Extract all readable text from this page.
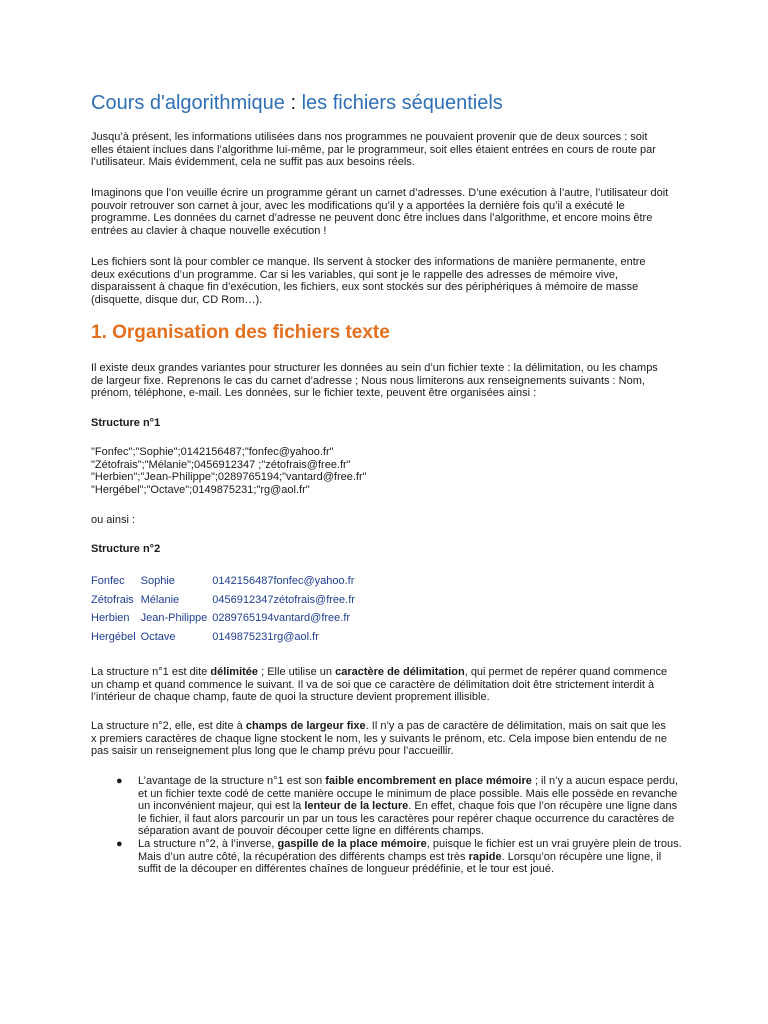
Cours d'algorithmique : les fichiers séquentiels

Jusqu’à présent, les informations utilisées dans nos programmes ne pouvaient provenir que de deux sources : soit elles étaient inclues dans l’algorithme lui-même, par le programmeur, soit elles étaient entrées en cours de route par l’utilisateur. Mais évidemment, cela ne suffit pas aux besoins réels.

Imaginons que l’on veuille écrire un programme gérant un carnet d’adresses. D’une exécution à l’autre, l’utilisateur doit pouvoir retrouver son carnet à jour, avec les modifications qu’il y a apportées la dernière fois qu’il a exécuté le programme. Les données du carnet d’adresse ne peuvent donc être inclues dans l’algorithme, et encore moins être entrées au clavier à chaque nouvelle exécution !

Les fichiers sont là pour combler ce manque. Ils servent à stocker des informations de manière permanente, entre deux exécutions d’un programme. Car si les variables, qui sont je le rappelle des adresses de mémoire vive, disparaissent à chaque fin d’exécution, les fichiers, eux sont stockés sur des périphériques à mémoire de masse (disquette, disque dur, CD Rom…).

1. Organisation des fichiers texte

Il existe deux grandes variantes pour structurer les données au sein d’un fichier texte : la délimitation, ou les champs de largeur fixe. Reprenons le cas du carnet d’adresse ; Nous nous limiterons aux renseignements suivants : Nom, prénom, téléphone, e-mail. Les données, sur le fichier texte, peuvent être organisées ainsi :

Structure n°1

"Fonfec";"Sophie";0142156487;"fonfec@yahoo.fr"
"Zétofrais";"Mélanie";0456912347 ;"zétofrais@free.fr"
"Herbien";"Jean-Philippe";0289765194;"vantard@free.fr"
"Hergébel";"Octave";0149875231;"rg@aol.fr"
ou ainsi :

Structure n°2

Fonfec	Sophie	0142156487fonfec@yahoo.fr
Zétofrais	Mélanie	0456912347zétofrais@free.fr
Herbien	Jean-Philippe	0289765194vantard@free.fr
Hergébel	Octave	0149875231rg@aol.fr

La structure n°1 est dite délimitée ; Elle utilise un caractère de délimitation, qui permet de repérer quand commence un champ et quand commence le suivant. Il va de soi que ce caractère de délimitation doit être strictement interdit à l’intérieur de chaque champ, faute de quoi la structure devient proprement illisible.

La structure n°2, elle, est dite à champs de largeur fixe. Il n’y a pas de caractère de délimitation, mais on sait que les x premiers caractères de chaque ligne stockent le nom, les y suivants le prénom, etc. Cela impose bien entendu de ne pas saisir un renseignement plus long que le champ prévu pour l’accueillir.

● L’avantage de la structure n°1 est son faible encombrement en place mémoire ; il n’y a aucun espace perdu, et un fichier texte codé de cette manière occupe le minimum de place possible. Mais elle possède en revanche un inconvénient majeur, qui est la lenteur de la lecture. En effet, chaque fois que l’on récupère une ligne dans le fichier, il faut alors parcourir un par un tous les caractères pour repérer chaque occurrence du caractères de séparation avant de pouvoir découper cette ligne en différents champs.
● La structure n°2, à l’inverse, gaspille de la place mémoire, puisque le fichier est un vrai gruyère plein de trous. Mais d’un autre côté, la récupération des différents champs est très rapide. Lorsqu’on récupère une ligne, il suffit de la découper en différentes chaînes de longueur prédéfinie, et le tour est joué.
